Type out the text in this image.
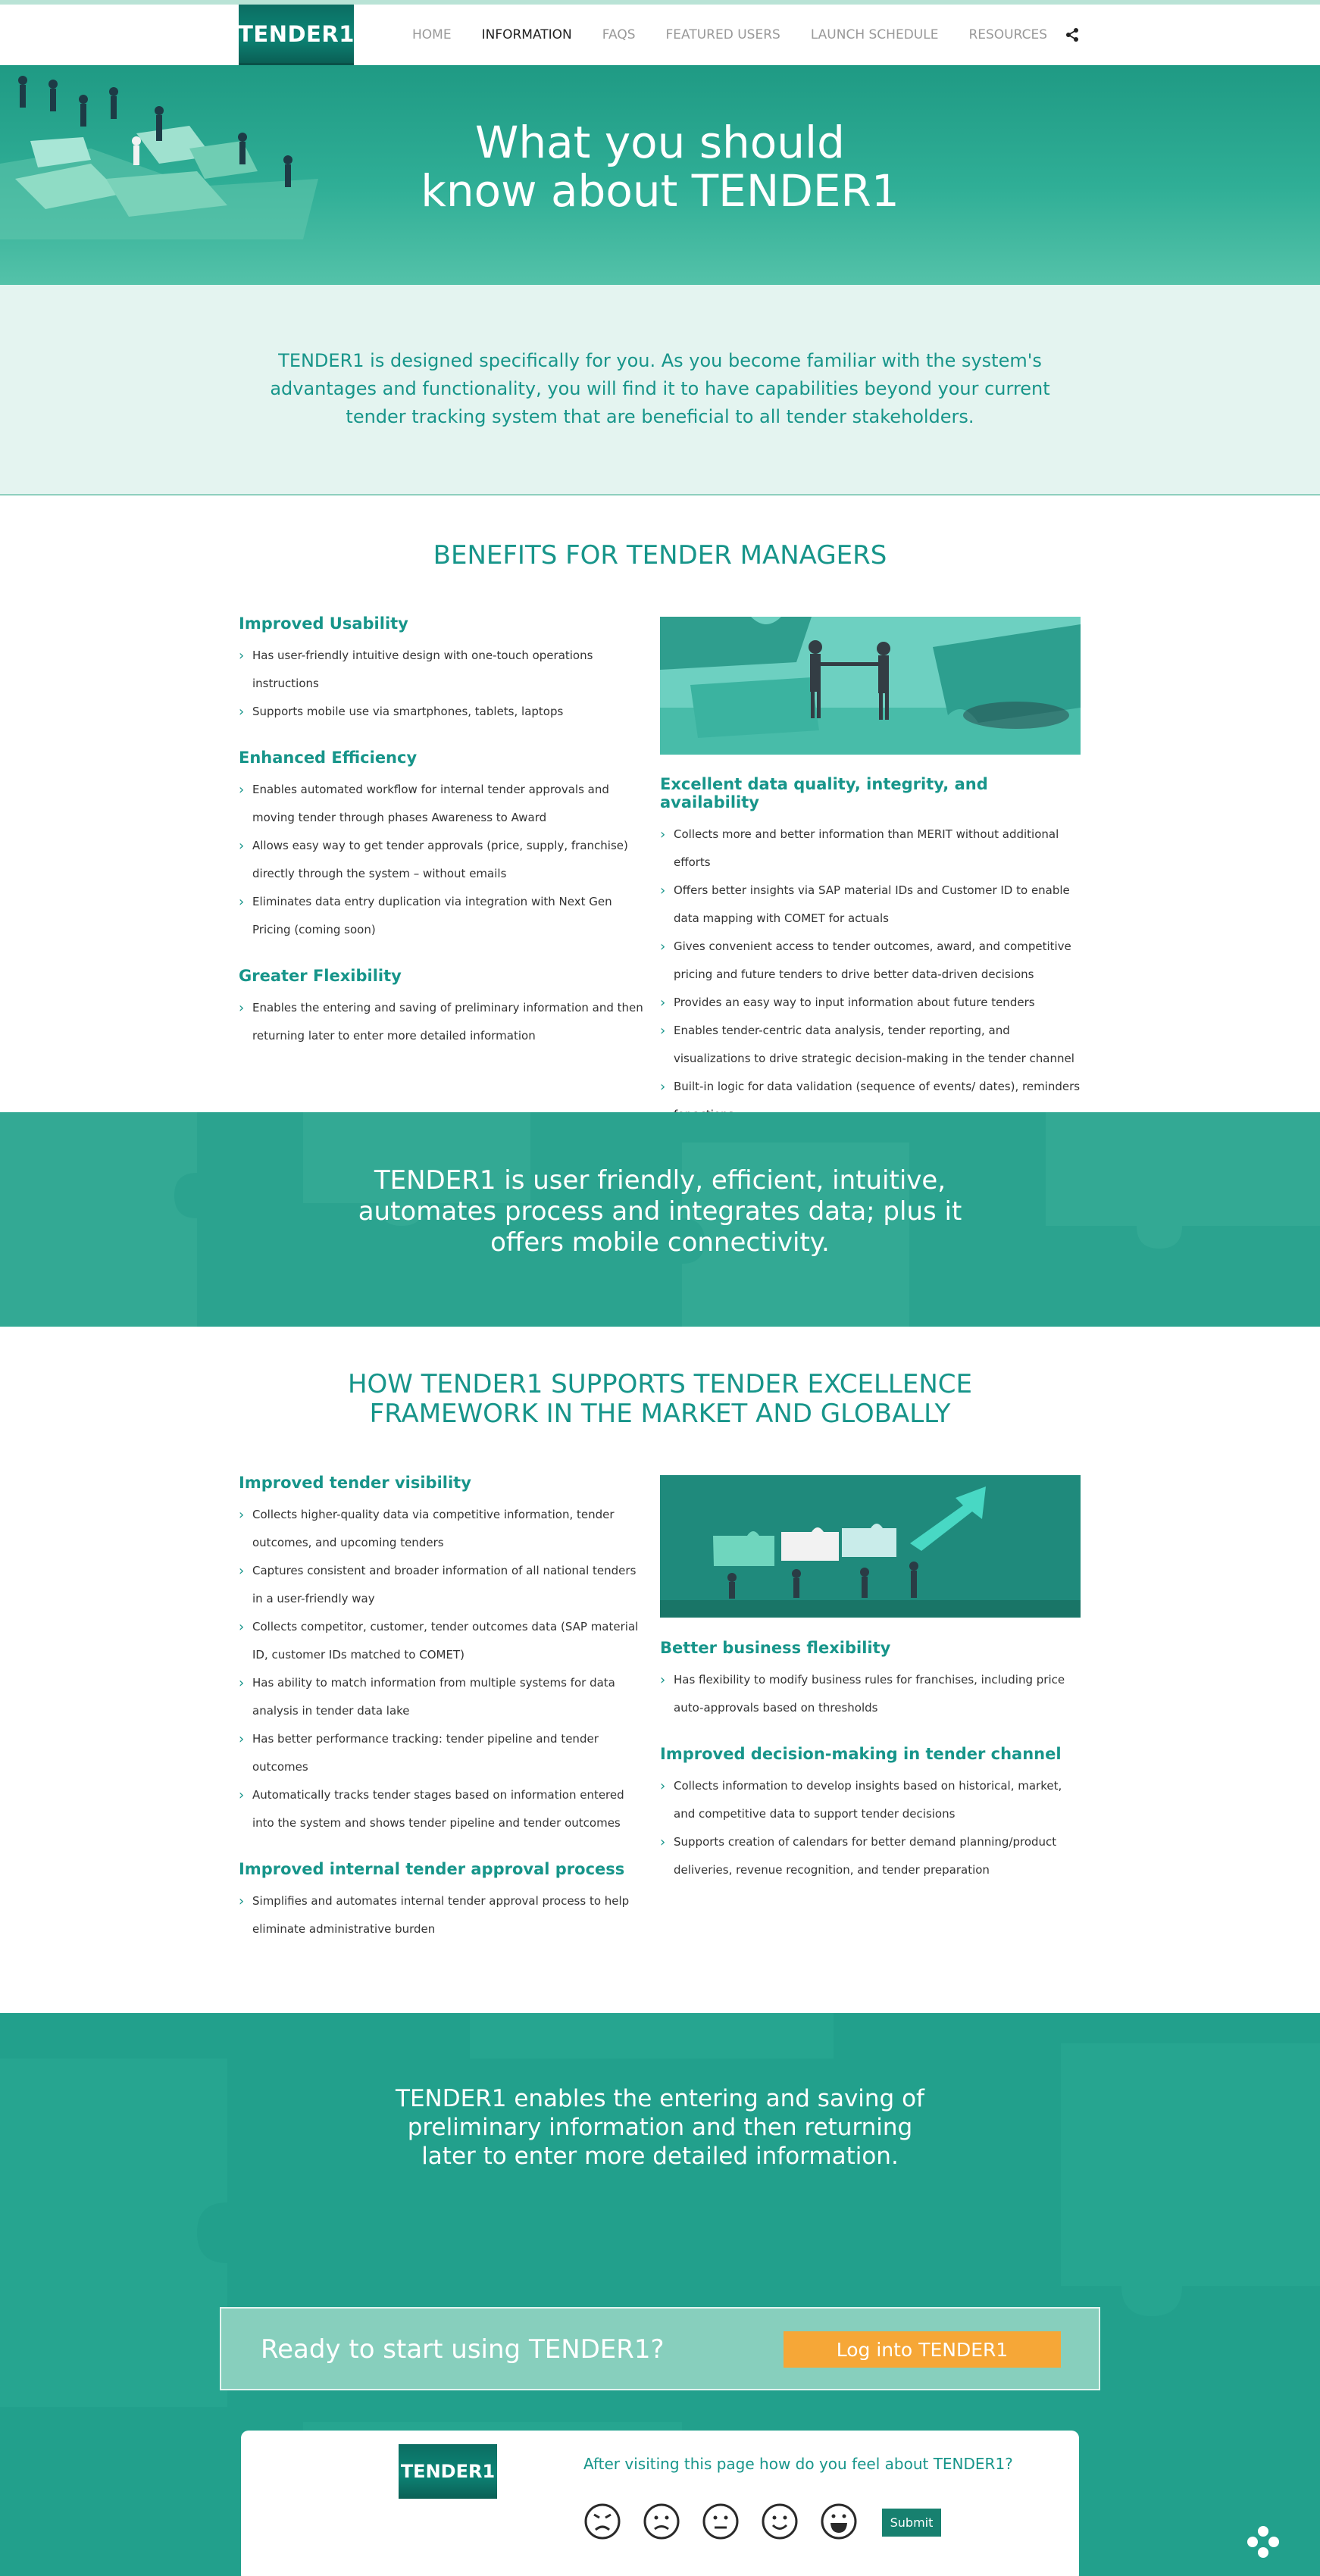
TENDER1	HOME INFORMATION FAQS FEATURED USERS LAUNCH SCHEDULE RESOURCES
What you should
know about TENDER1

TENDER1 is designed specifically for you. As you become familiar with the system's advantages and functionality, you will find it to have capabilities beyond your current tender tracking system that are beneficial to all tender stakeholders.

BENEFITS FOR TENDER MANAGERS
Improved Usability
› Has user-friendly intuitive design with one-touch operations instructions
› Supports mobile use via smartphones, tablets, laptops
Enhanced Efficiency
› Enables automated workflow for internal tender approvals and moving tender through phases Awareness to Award
› Allows easy way to get tender approvals (price, supply, franchise) directly through the system – without emails
› Eliminates data entry duplication via integration with Next Gen Pricing (coming soon)
Greater Flexibility
› Enables the entering and saving of preliminary information and then returning later to enter more detailed information
Excellent data quality, integrity, and availability
› Collects more and better information than MERIT without additional efforts
› Offers better insights via SAP material IDs and Customer ID to enable data mapping with COMET for actuals
› Gives convenient access to tender outcomes, award, and competitive pricing and future tenders to drive better data-driven decisions
› Provides an easy way to input information about future tenders
› Enables tender-centric data analysis, tender reporting, and visualizations to drive strategic decision-making in the tender channel
› Built-in logic for data validation (sequence of events/ dates), reminders

TENDER1 is user friendly, efficient, intuitive, automates process and integrates data; plus it offers mobile connectivity.

HOW TENDER1 SUPPORTS TENDER EXCELLENCE
FRAMEWORK IN THE MARKET AND GLOBALLY
Improved tender visibility
› Collects higher-quality data via competitive information, tender outcomes, and upcoming tenders
› Captures consistent and broader information of all national tenders in a user-friendly way
› Collects competitor, customer, tender outcomes data (SAP material ID, customer IDs matched to COMET)
› Has ability to match information from multiple systems for data analysis in tender data lake
› Has better performance tracking: tender pipeline and tender outcomes
› Automatically tracks tender stages based on information entered into the system and shows tender pipeline and tender outcomes
Improved internal tender approval process
› Simplifies and automates internal tender approval process to help eliminate administrative burden
Better business flexibility
› Has flexibility to modify business rules for franchises, including price auto-approvals based on thresholds
Improved decision-making in tender channel
› Collects information to develop insights based on historical, market, and competitive data to support tender decisions
› Supports creation of calendars for better demand planning/product deliveries, revenue recognition, and tender preparation

TENDER1 enables the entering and saving of preliminary information and then returning later to enter more detailed information.

Ready to start using TENDER1?	Log into TENDER1
TENDER1	After visiting this page how do you feel about TENDER1?
Submit
